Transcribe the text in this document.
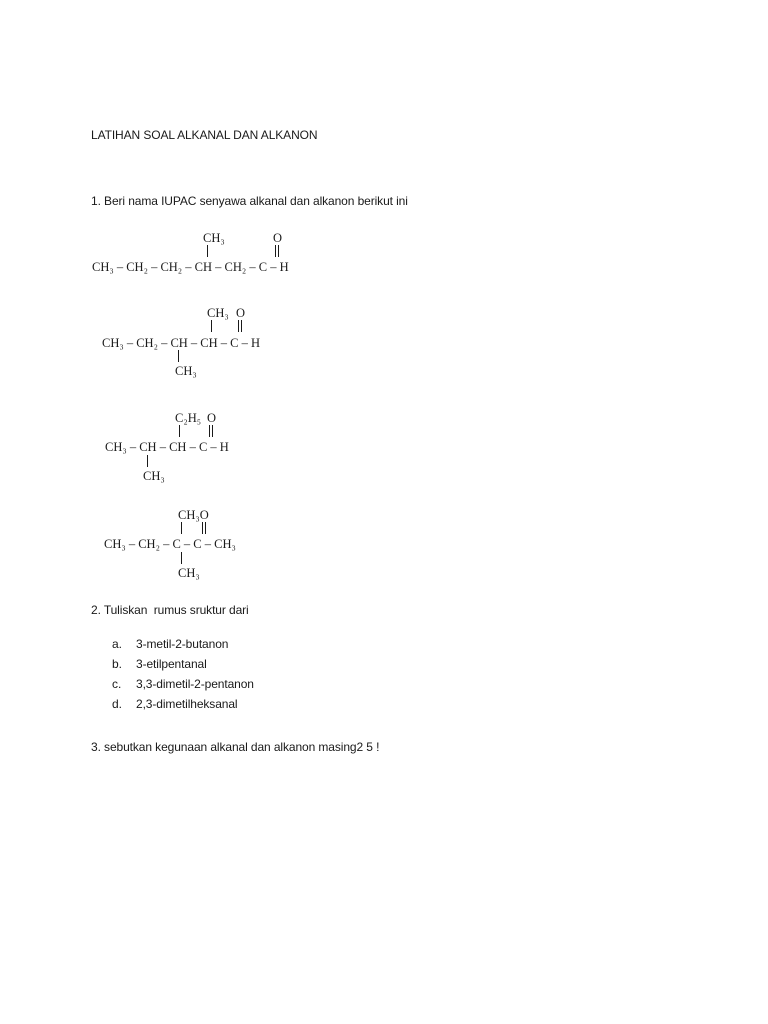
LATIHAN SOAL ALKANAL DAN ALKANON
1. Beri nama IUPAC senyawa alkanal dan alkanon berikut ini
CH₃	O
CH₃ – CH₂ – CH₂ – CH – CH₂ – C – H
CH₃ O
CH₃ – CH₂ – CH – CH – C – H
CH₃
C₂H₅ O
CH₃ – CH – CH – C – H
CH₃
CH₃O
CH₃ – CH₂ – C – C – CH₃
CH₃
2. Tuliskan  rumus sruktur dari
a. 3-metil-2-butanon
b. 3-etilpentanal
c. 3,3-dimetil-2-pentanon
d. 2,3-dimetilheksanal
3. sebutkan kegunaan alkanal dan alkanon masing2 5 !
